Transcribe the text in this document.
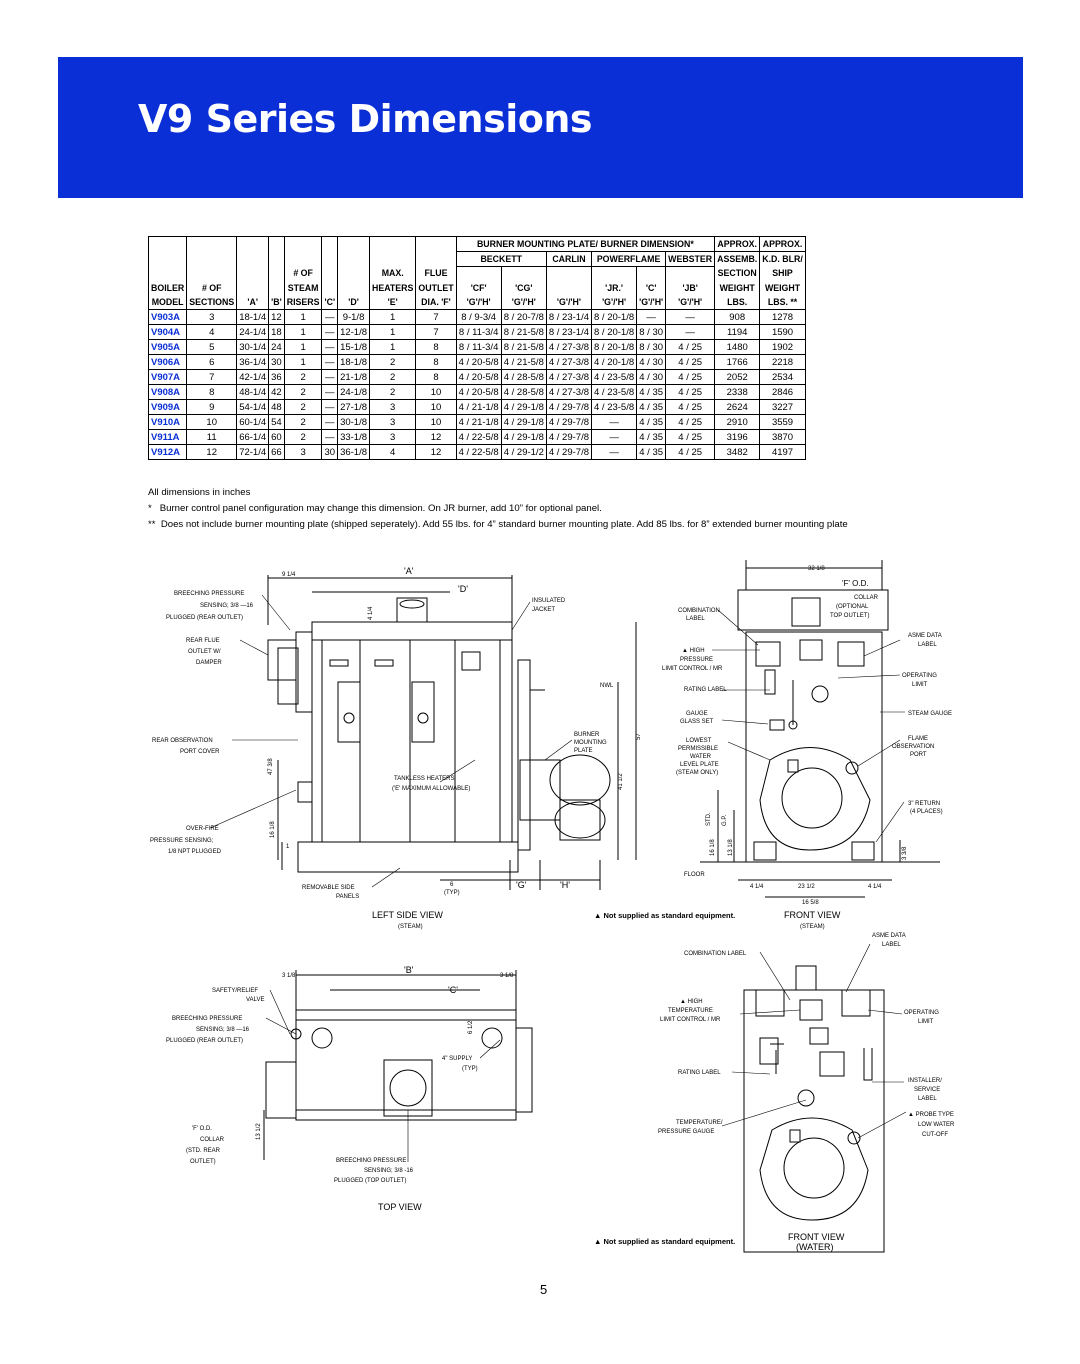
V9 Series Dimensions
									BURNER MOUNTING PLATE/ BURNER DIMENSION*						APPROX.	APPROX.
									BECKETT		CARLIN	POWERFLAME		WEBSTER	ASSEMB.	K.D. BLR/
				# OF			MAX.	FLUE							SECTION	SHIP
BOILER	# OF			STEAM			HEATERS	OUTLET	'CF'	'CG'		'JR.'	'C'	'JB'	WEIGHT	WEIGHT
MODEL	SECTIONS	'A'	'B'	RISERS	'C'	'D'	'E'	DIA. 'F'	'G'/'H'	'G'/'H'	'G'/'H'	'G'/'H'	'G'/'H'	'G'/'H'	LBS.	LBS. **
V903A	3	18-1/4	12	1	—	9-1/8	1	7	8 / 9-3/4	8 / 20-7/8	8 / 23-1/4	8 / 20-1/8	—	—	908	1278
V904A	4	24-1/4	18	1	—	12-1/8	1	7	8 / 11-3/4	8 / 21-5/8	8 / 23-1/4	8 / 20-1/8	8 / 30	—	1194	1590
V905A	5	30-1/4	24	1	—	15-1/8	1	8	8 / 11-3/4	8 / 21-5/8	4 / 27-3/8	8 / 20-1/8	8 / 30	4 / 25	1480	1902
V906A	6	36-1/4	30	1	—	18-1/8	2	8	4 / 20-5/8	4 / 21-5/8	4 / 27-3/8	4 / 20-1/8	4 / 30	4 / 25	1766	2218
V907A	7	42-1/4	36	2	—	21-1/8	2	8	4 / 20-5/8	4 / 28-5/8	4 / 27-3/8	4 / 23-5/8	4 / 30	4 / 25	2052	2534
V908A	8	48-1/4	42	2	—	24-1/8	2	10	4 / 20-5/8	4 / 28-5/8	4 / 27-3/8	4 / 23-5/8	4 / 35	4 / 25	2338	2846
V909A	9	54-1/4	48	2	—	27-1/8	3	10	4 / 21-1/8	4 / 29-1/8	4 / 29-7/8	4 / 23-5/8	4 / 35	4 / 25	2624	3227
V910A	10	60-1/4	54	2	—	30-1/8	3	10	4 / 21-1/8	4 / 29-1/8	4 / 29-7/8	—	4 / 35	4 / 25	2910	3559
V911A	11	66-1/4	60	2	—	33-1/8	3	12	4 / 22-5/8	4 / 29-1/8	4 / 29-7/8	—	4 / 35	4 / 25	3196	3870
V912A	12	72-1/4	66	3	30	36-1/8	4	12	4 / 22-5/8	4 / 29-1/2	4 / 29-7/8	—	4 / 35	4 / 25	3482	4197

All dimensions in inches

* Burner control panel configuration may change this dimension. On JR burner, add 10” for optional panel.

** Does not include burner mounting plate (shipped seperately). Add 55 lbs. for 4” standard burner mounting plate. Add 85 lbs. for 8” extended burner mounting plate

BREECHING PRESSURE
SENSING; 3/8 —16
PLUGGED (REAR OUTLET)
REAR FLUE
OUTLET W/
DAMPER
REAR OBSERVATION
PORT COVER
OVER-FIRE
PRESSURE SENSING;
1/8 NPT PLUGGED
REMOVABLE SIDE
PANELS
INSULATED
JACKET
NWL
BURNER
MOUNTING
PLATE
TANKLESS HEATERS
('E' MAXIMUM ALLOWABLE)
'A'
'D'
'G'	'H'
6
(TYP)
57
41 1/2
47 3/8
16 1/8
1
9 1/4
4 1/4
LEFT SIDE VIEW
(STEAM)
COMBINATION
LABEL
▲ HIGH
PRESSURE
LIMIT CONTROL / MR
RATING LABEL
GAUGE
GLASS SET
LOWEST
PERMISSIBLE
WATER
LEVEL PLATE
(STEAM ONLY)
FLOOR
'F' O.D.
COLLAR
(OPTIONAL
TOP OUTLET)
ASME DATA
LABEL
OPERATING
LIMIT
STEAM GAUGE
FLAME
OBSERVATION
PORT
3" RETURN
(4 PLACES)
32 1/8
4 1/4	23 1/2	4 1/4
16 5/8
3 3/8
STD. G.P.
16 1/8 13 1/8
▲ Not supplied as standard equipment.	FRONT VIEW
(STEAM)
SAFETY/RELIEF
VALVE
BREECHING PRESSURE
SENSING; 3/8 —16
PLUGGED (REAR OUTLET)
'F' O.D.
COLLAR
(STD. REAR
OUTLET)	BREECHING PRESSURE
SENSING; 3/8 -16
PLUGGED (TOP OUTLET)
4" SUPPLY
(TYP)
'B'
'C'
3 1/8	3 1/8
6 1/2
13 1/2
TOP VIEW
COMBINATION LABEL
ASME DATA
LABEL
▲ HIGH
TEMPERATURE
LIMIT CONTROL / MR
OPERATING
LIMIT
RATING LABEL
INSTALLER/
SERVICE
LABEL
TEMPERATURE/
PRESSURE GAUGE
▲ PROBE TYPE
LOW WATER
CUT-OFF
▲ Not supplied as standard equipment.	FRONT VIEW
(WATER)
5
